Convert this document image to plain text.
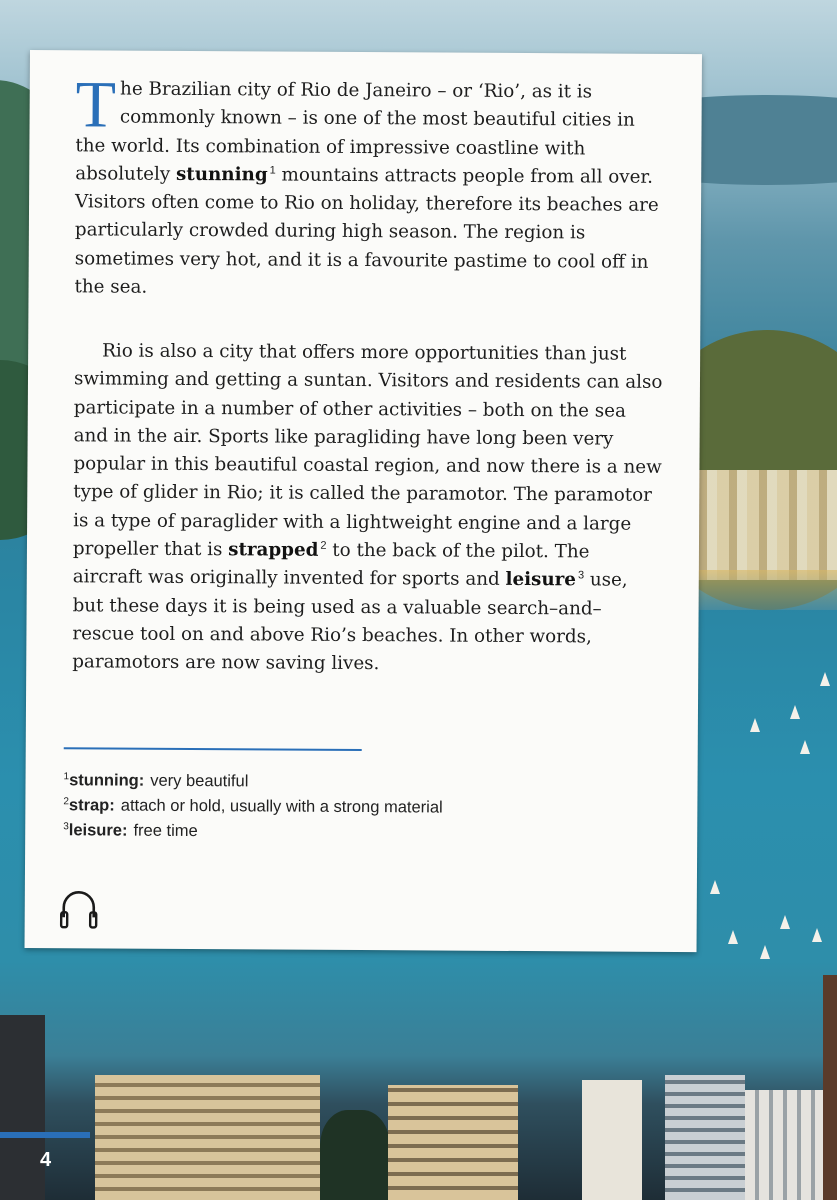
4

T he Brazilian city of Rio de Janeiro – or ‘Rio’, as it is commonly known – is one of the most beautiful cities in the world. Its combination of impressive coastline with absolutely stunning $^1$ mountains attracts people from all over. Visitors often come to Rio on holiday, therefore its beaches are particularly crowded during high season. The region is sometimes very hot, and it is a favourite pastime to cool off in the sea.

Rio is also a city that offers more opportunities than just swimming and getting a suntan. Visitors and residents can also participate in a number of other activities – both on the sea and in the air. Sports like paragliding have long been very popular in this beautiful coastal region, and now there is a new type of glider in Rio; it is called the paramotor. The paramotor is a type of paraglider with a lightweight engine and a large propeller that is strapped $^2$ to the back of the pilot. The aircraft was originally invented for sports and leisure $^3$ use, but these days it is being used as a valuable search–and–rescue tool on and above Rio’s beaches. In other words, paramotors are now saving lives.

$^1$stunning: very beautiful
$^2$strap: attach or hold, usually with a strong material
$^3$leisure: free time
